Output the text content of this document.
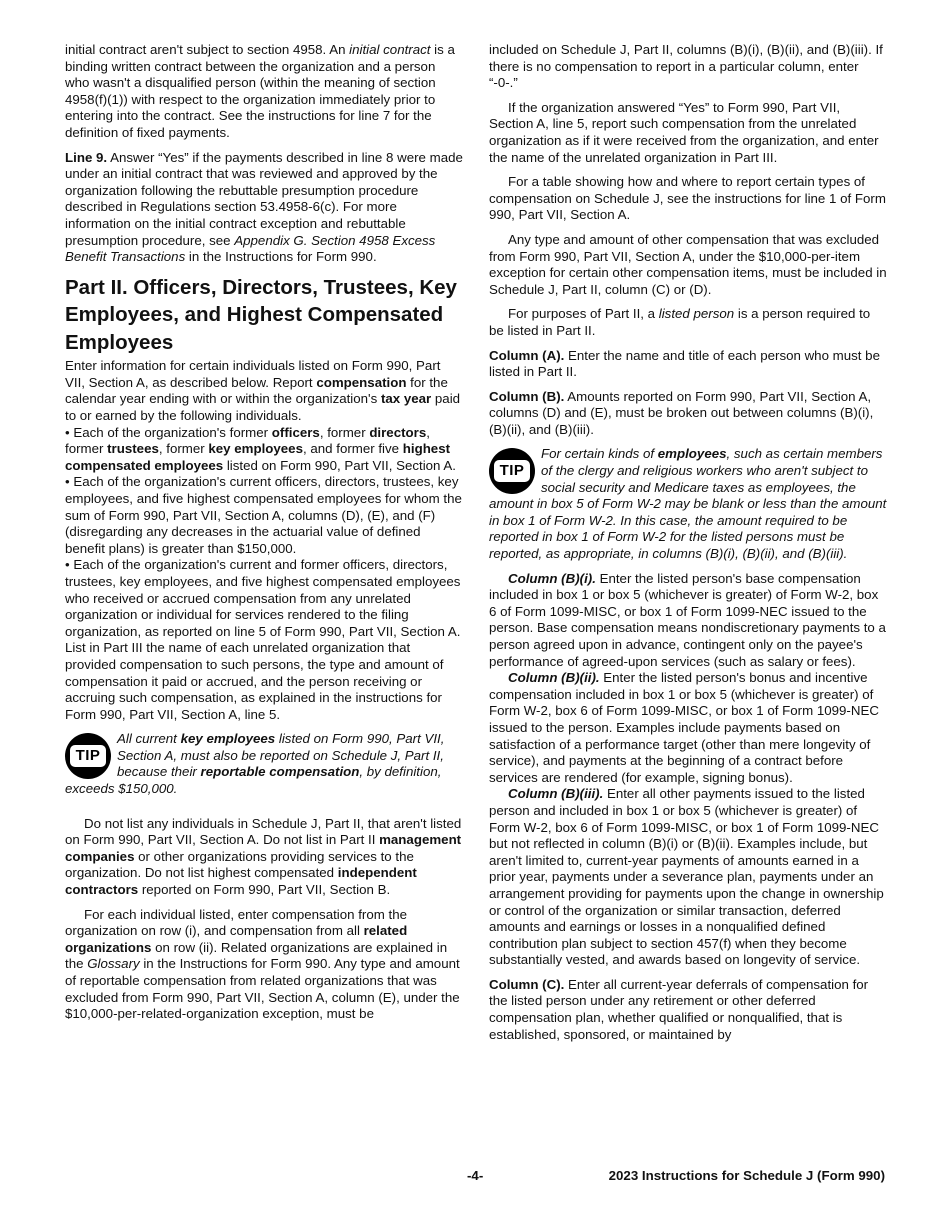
initial contract aren't subject to section 4958. An initial contract is a binding written contract between the organization and a person who wasn't a disqualified person (within the meaning of section 4958(f)(1)) with respect to the organization immediately prior to entering into the contract. See the instructions for line 7 for the definition of fixed payments.

Line 9. Answer “Yes” if the payments described in line 8 were made under an initial contract that was reviewed and approved by the organization following the rebuttable presumption procedure described in Regulations section 53.4958-6(c). For more information on the initial contract exception and rebuttable presumption procedure, see Appendix G. Section 4958 Excess Benefit Transactions in the Instructions for Form 990.

Part II. Officers, Directors, Trustees, Key Employees, and Highest Compensated Employees

Enter information for certain individuals listed on Form 990, Part VII, Section A, as described below. Report compensation for the calendar year ending with or within the organization's tax year paid to or earned by the following individuals.

• Each of the organization's former officers, former directors, former trustees, former key employees, and former five highest compensated employees listed on Form 990, Part VII, Section A.

• Each of the organization's current officers, directors, trustees, key employees, and five highest compensated employees for whom the sum of Form 990, Part VII, Section A, columns (D), (E), and (F) (disregarding any decreases in the actuarial value of defined benefit plans) is greater than $150,000.

• Each of the organization's current and former officers, directors, trustees, key employees, and five highest compensated employees who received or accrued compensation from any unrelated organization or individual for services rendered to the filing organization, as reported on line 5 of Form 990, Part VII, Section A. List in Part III the name of each unrelated organization that provided compensation to such persons, the type and amount of compensation it paid or accrued, and the person receiving or accruing such compensation, as explained in the instructions for Form 990, Part VII, Section A, line 5.

TIP
All current key employees listed on Form 990, Part VII, Section A, must also be reported on Schedule J, Part II, because their reportable compensation, by definition, exceeds $150,000.

Do not list any individuals in Schedule J, Part II, that aren't listed on Form 990, Part VII, Section A. Do not list in Part II management companies or other organizations providing services to the organization. Do not list highest compensated independent contractors reported on Form 990, Part VII, Section B.

For each individual listed, enter compensation from the organization on row (i), and compensation from all related organizations on row (ii). Related organizations are explained in the Glossary in the Instructions for Form 990. Any type and amount of reportable compensation from related organizations that was excluded from Form 990, Part VII, Section A, column (E), under the $10,000-per-related-organization exception, must be

included on Schedule J, Part II, columns (B)(i), (B)(ii), and (B)(iii). If there is no compensation to report in a particular column, enter “-0-.”

If the organization answered “Yes” to Form 990, Part VII, Section A, line 5, report such compensation from the unrelated organization as if it were received from the organization, and enter the name of the unrelated organization in Part III.

For a table showing how and where to report certain types of compensation on Schedule J, see the instructions for line 1 of Form 990, Part VII, Section A.

Any type and amount of other compensation that was excluded from Form 990, Part VII, Section A, under the $10,000-per-item exception for certain other compensation items, must be included in Schedule J, Part II, column (C) or (D).

For purposes of Part II, a listed person is a person required to be listed in Part II.

Column (A). Enter the name and title of each person who must be listed in Part II.

Column (B). Amounts reported on Form 990, Part VII, Section A, columns (D) and (E), must be broken out between columns (B)(i), (B)(ii), and (B)(iii).

TIP
For certain kinds of employees, such as certain members of the clergy and religious workers who aren't subject to social security and Medicare taxes as employees, the amount in box 5 of Form W-2 may be blank or less than the amount in box 1 of Form W-2. In this case, the amount required to be reported in box 1 of Form W-2 for the listed persons must be reported, as appropriate, in columns (B)(i), (B)(ii), and (B)(iii).

Column (B)(i). Enter the listed person's base compensation included in box 1 or box 5 (whichever is greater) of Form W-2, box 6 of Form 1099-MISC, or box 1 of Form 1099-NEC issued to the person. Base compensation means nondiscretionary payments to a person agreed upon in advance, contingent only on the payee's performance of agreed-upon services (such as salary or fees).

Column (B)(ii). Enter the listed person's bonus and incentive compensation included in box 1 or box 5 (whichever is greater) of Form W-2, box 6 of Form 1099-MISC, or box 1 of Form 1099-NEC issued to the person. Examples include payments based on satisfaction of a performance target (other than mere longevity of service), and payments at the beginning of a contract before services are rendered (for example, signing bonus).

Column (B)(iii). Enter all other payments issued to the listed person and included in box 1 or box 5 (whichever is greater) of Form W-2, box 6 of Form 1099-MISC, or box 1 of Form 1099-NEC but not reflected in column (B)(i) or (B)(ii). Examples include, but aren't limited to, current-year payments of amounts earned in a prior year, payments under a severance plan, payments under an arrangement providing for payments upon the change in ownership or control of the organization or similar transaction, deferred amounts and earnings or losses in a nonqualified defined contribution plan subject to section 457(f) when they become substantially vested, and awards based on longevity of service.

Column (C). Enter all current-year deferrals of compensation for the listed person under any retirement or other deferred compensation plan, whether qualified or nonqualified, that is established, sponsored, or maintained by

-4-	2023 Instructions for Schedule J (Form 990)
